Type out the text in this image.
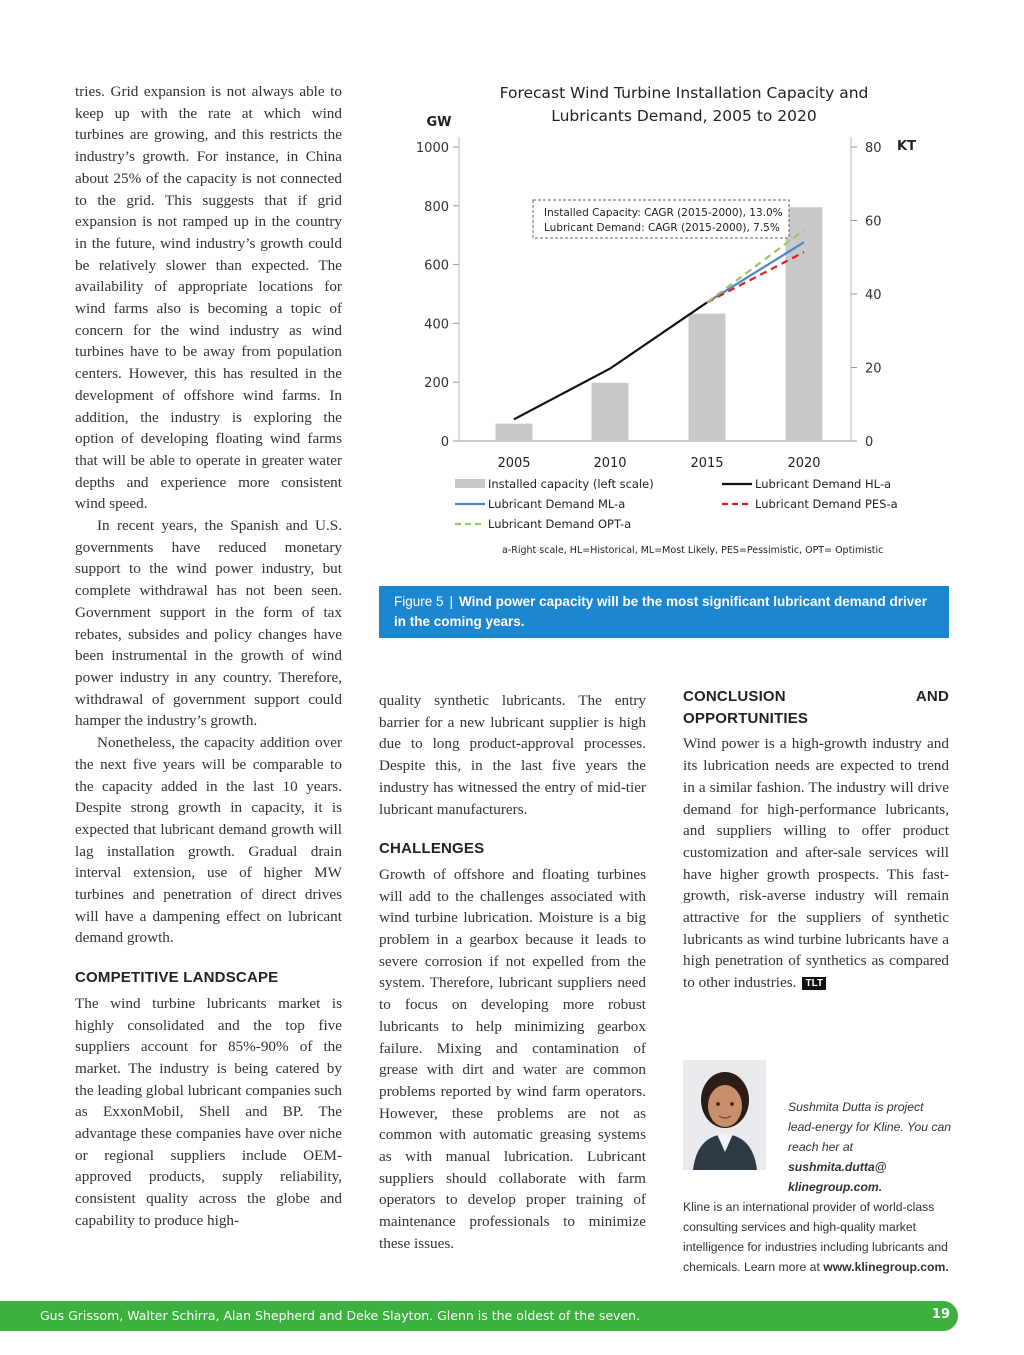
tries. Grid expansion is not always able to keep up with the rate at which wind turbines are growing, and this restricts the industry’s growth. For instance, in China about 25% of the capacity is not connected to the grid. This suggests that if grid expansion is not ramped up in the country in the future, wind industry’s growth could be relatively slower than expected. The availability of appropriate locations for wind farms also is becoming a topic of concern for the wind industry as wind turbines have to be away from population centers. However, this has resulted in the development of offshore wind farms. In addition, the industry is exploring the option of developing floating wind farms that will be able to operate in greater water depths and experience more consistent wind speed.

In recent years, the Spanish and U.S. governments have reduced monetary support to the wind power industry, but complete withdrawal has not been seen. Government support in the form of tax rebates, subsides and policy changes have been instrumental in the growth of wind power industry in any country. Therefore, withdrawal of government support could hamper the industry’s growth.

Nonetheless, the capacity addition over the next five years will be comparable to the capacity added in the last 10 years. Despite strong growth in capacity, it is expected that lubricant demand growth will lag installation growth. Gradual drain interval extension, use of higher MW turbines and penetration of direct drives will have a dampening effect on lubricant demand growth.

COMPETITIVE LANDSCAPE

The wind turbine lubricants market is highly consolidated and the top five suppliers account for 85%-90% of the market. The industry is being catered by the leading global lubricant companies such as ExxonMobil, Shell and BP. The advantage these companies have over niche or regional suppliers include OEM-approved products, supply reliability, consistent quality across the globe and capability to produce high-

Forecast Wind Turbine Installation Capacity and Lubricants Demand, 2005 to 2020
GW
KT
0
200
400
600
800
1000
0
20
40
60
80
2005	2010	2015	2020
Installed Capacity: CAGR (2015-2000), 13.0%
Lubricant Demand: CAGR (2015-2000), 7.5%
Installed capacity (left scale)
Lubricant Demand ML-a
Lubricant Demand OPT-a
Lubricant Demand HL-a
Lubricant Demand PES-a
a-Right scale, HL=Historical, ML=Most Likely, PES=Pessimistic, OPT= Optimistic
Figure 5 | Wind power capacity will be the most significant lubricant demand driver in the coming years.

quality synthetic lubricants. The entry barrier for a new lubricant supplier is high due to long product-approval processes. Despite this, in the last five years the industry has witnessed the entry of mid-tier lubricant manufacturers.

CHALLENGES

Growth of offshore and floating turbines will add to the challenges associated with wind turbine lubrication. Moisture is a big problem in a gearbox because it leads to severe corrosion if not expelled from the system. Therefore, lubricant suppliers need to focus on developing more robust lubricants to help minimizing gearbox failure. Mixing and contamination of grease with dirt and water are common problems reported by wind farm operators. However, these problems are not as common with automatic greasing systems as with manual lubrication. Lubricant suppliers should collaborate with farm operators to develop proper training of maintenance professionals to minimize these issues.

CONCLUSION AND OPPORTUNITIES

Wind power is a high-growth industry and its lubrication needs are expected to trend in a similar fashion. The industry will drive demand for high-performance lubricants, and suppliers willing to offer product customization and after-sale services will have higher growth prospects. This fast-growth, risk-averse industry will remain attractive for the suppliers of synthetic lubricants as wind turbine lubricants have a high penetration of synthetics as compared to other industries. TLT

Sushmita Dutta is project lead-energy for Kline. You can reach her at sushmita.dutta@ klinegroup.com.
Kline is an international provider of world-class consulting services and high-quality market intelligence for industries including lubricants and chemicals. Learn more at www.klinegroup.com.
Gus Grissom, Walter Schirra, Alan Shepherd and Deke Slayton. Glenn is the oldest of the seven.	19
